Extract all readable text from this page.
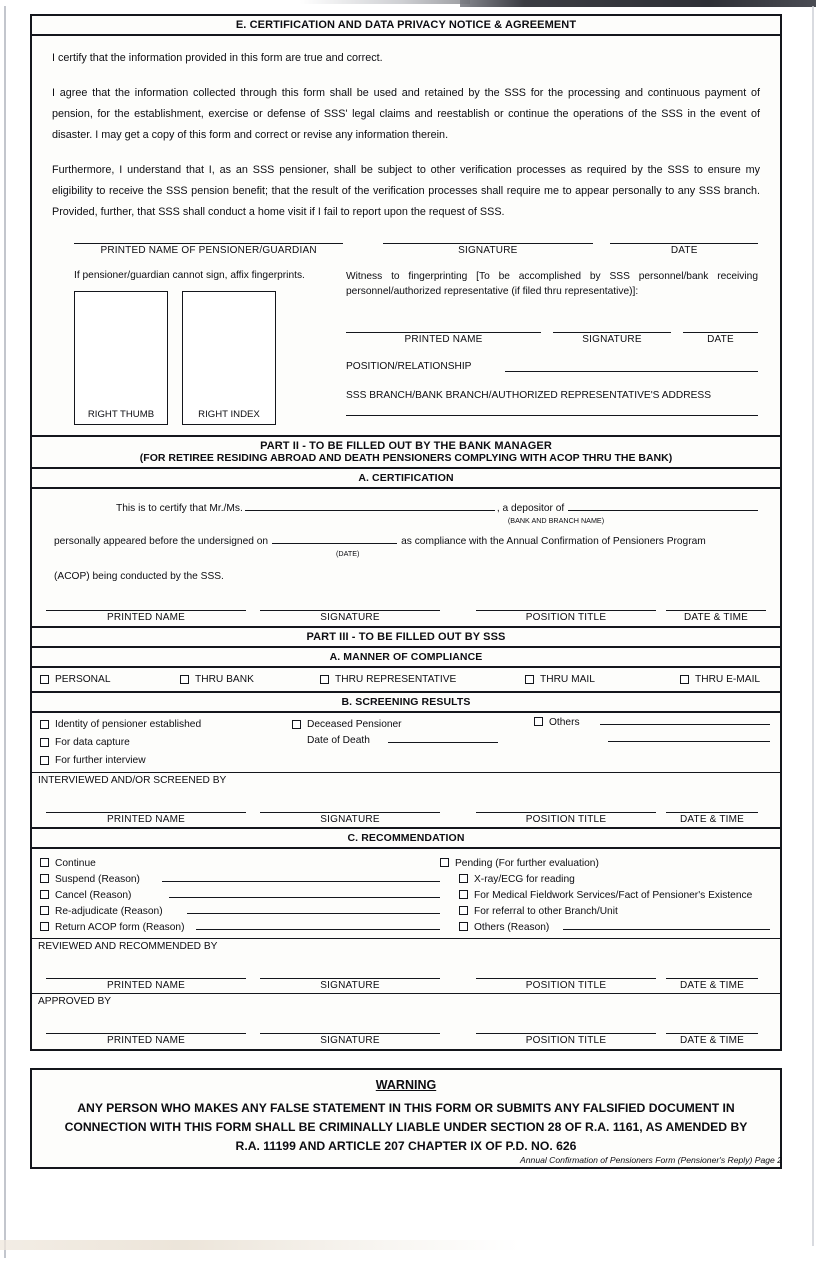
E. CERTIFICATION AND DATA PRIVACY NOTICE & AGREEMENT

I certify that the information provided in this form are true and correct.

I agree that the information collected through this form shall be used and retained by the SSS for the processing and continuous payment of pension, for the establishment, exercise or defense of SSS' legal claims and reestablish or continue the operations of the SSS in the event of disaster. I may get a copy of this form and correct or revise any information therein.

Furthermore, I understand that I, as an SSS pensioner, shall be subject to other verification processes as required by the SSS to ensure my eligibility to receive the SSS pension benefit; that the result of the verification processes shall require me to appear personally to any SSS branch. Provided, further, that SSS shall conduct a home visit if I fail to report upon the request of SSS.

PRINTED NAME OF PENSIONER/GUARDIAN	SIGNATURE	DATE
If pensioner/guardian cannot sign, affix fingerprints.
RIGHT THUMB	RIGHT INDEX
Witness to fingerprinting [To be accomplished by SSS personnel/bank receiving personnel/authorized representative (if filed thru representative)]:
PRINTED NAME	SIGNATURE	DATE
POSITION/RELATIONSHIP
SSS BRANCH/BANK BRANCH/AUTHORIZED REPRESENTATIVE'S ADDRESS
PART II - TO BE FILLED OUT BY THE BANK MANAGER
(FOR RETIREE RESIDING ABROAD AND DEATH PENSIONERS COMPLYING WITH ACOP THRU THE BANK)
A. CERTIFICATION
This is to certify that Mr./Ms.	, a depositor of
(BANK AND BRANCH NAME)
personally appeared before the undersigned on	as compliance with the Annual Confirmation of Pensioners Program
(DATE)
(ACOP) being conducted by the SSS.
PRINTED NAME	SIGNATURE	POSITION TITLE	DATE & TIME
PART III - TO BE FILLED OUT BY SSS
A. MANNER OF COMPLIANCE
PERSONAL	THRU BANK	THRU REPRESENTATIVE	THRU MAIL	THRU E-MAIL
B. SCREENING RESULTS
Identity of pensioner established
For data capture
For further interview
Deceased Pensioner
Date of Death
Others
INTERVIEWED AND/OR SCREENED BY
PRINTED NAME	SIGNATURE	POSITION TITLE	DATE & TIME
C. RECOMMENDATION
Continue
Suspend (Reason)
Cancel (Reason)
Re-adjudicate (Reason)
Return ACOP form (Reason)
Pending (For further evaluation)
X-ray/ECG for reading
For Medical Fieldwork Services/Fact of Pensioner's Existence
For referral to other Branch/Unit
Others (Reason)
REVIEWED AND RECOMMENDED BY
PRINTED NAME	SIGNATURE	POSITION TITLE	DATE & TIME
APPROVED BY
PRINTED NAME	SIGNATURE	POSITION TITLE	DATE & TIME
WARNING
ANY PERSON WHO MAKES ANY FALSE STATEMENT IN THIS FORM OR SUBMITS ANY FALSIFIED DOCUMENT IN
CONNECTION WITH THIS FORM SHALL BE CRIMINALLY LIABLE UNDER SECTION 28 OF R.A. 1161, AS AMENDED BY
R.A. 11199 AND ARTICLE 207 CHAPTER IX OF P.D. NO. 626
Annual Confirmation of Pensioners Form (Pensioner's Reply) Page 2
